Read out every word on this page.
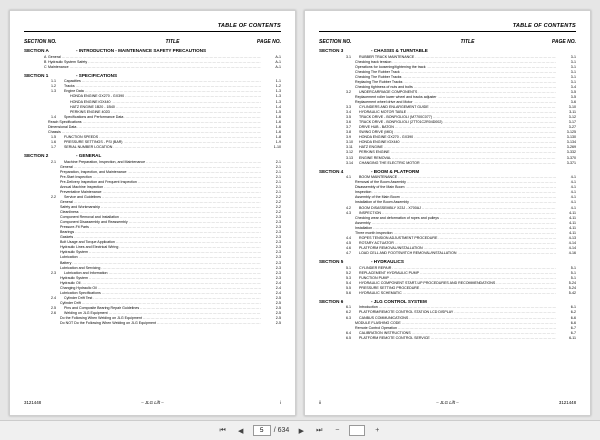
TABLE OF CONTENTS
SECTION NO.	TITLE	PAGE NO.
SECTION A	- INTRODUCTION - MAINTENANCE SAFETY PRECAUTIONS
A General .....	A-1
B Hydraulic System Safety .....	A-1
C Maintenance .....	A-1
SECTION 1	- SPECIFICATIONS
1.1	Capacities .....	1-1
1.2	Tracks .....	1-2
1.3	Engine Data .....	1-3
HONDA ENGINE GX270 - GX390 .....	1-3
HONDA ENGINE iGX440 .....	1-3
HATZ ENGINE 1B20 - 1B40 .....	1-4
PERKINS ENGINE 402D .....	1-5
1.4	Specifications and Performance Data .....	1-6
Reach Specifications .....	1-6
Dimensional Data .....	1-6
Chassis .....	1-6
1.5	FUNCTION SPEEDS .....	1-8
1.6	PRESSURE SETTINGS - PSI (BAR) .....	1-9
1.7	SERIAL NUMBER LOCATION .....	1-10
SECTION 2	- GENERAL
2.1	Machine Preparation, Inspection, and Maintenance .....	2-1
General .....	2-1
Preparation, Inspection, and Maintenance .....	2-1
Pre-Start Inspection .....	2-1
Pre-Delivery Inspection and Frequent Inspection .....	2-1
Annual Machine Inspection .....	2-1
Preventative Maintenance .....	2-1
2.2	Service and Guidelines .....	2-2
General .....	2-2
Safety and Workmanship .....	2-2
Cleanliness .....	2-2
Component Removal and Installation .....	2-3
Component Disassembly and Reassembly .....	2-3
Pressure-Fit Parts .....	2-3
Bearings .....	2-3
Gaskets .....	2-3
Bolt Usage and Torque Application .....	2-3
Hydraulic Lines and Electrical Wiring .....	2-3
Hydraulic System .....	2-3
Lubrication .....	2-3
Battery .....	2-3
Lubrication and Servicing .....	2-3
2.3	Lubrication and Information .....	2-3
Hydraulic System .....	2-3
Hydraulic Oil .....	2-4
Changing Hydraulic Oil .....	2-4
Lubrication Specifications .....	2-4
2.4	Cylinder Drift Test .....	2-5
Cylinder Drift .....	2-5
2.5	Pins and Composite Bearing Repair Guidelines .....	2-5
2.6	Welding on JLG Equipment .....	2-5
Do the Following When Welding on JLG Equipment .....	2-5
Do NOT Do the Following When Welding on JLG Equipment .....	2-5
3121448	– JLG Lift –	i
TABLE OF CONTENTS
SECTION NO.	TITLE	PAGE NO.
SECTION 3	- CHASSIS & TURNTABLE
3.1	RUBBER TRACK MAINTENANCE .....	3-1
Checking track tension .....	3-1
Operations for loosening/tightening the track .....	3-1
Checking The Rubber Track .....	3-1
Checking The Rubber Tracks .....	3-1
Replacing The Rubber Tracks .....	3-1
Checking tightness of nuts and bolts .....	3-4
3.2	UNDERCARRIAGE COMPONENTS .....	3-5
Replacement roller lower wheel and tracks adjuster .....	3-5
Replacement wheel drive and Motor .....	3-6
3.3	CYLINDERS AND ENLARGEMENT GUIDE .....	3-10
3.4	HYDRAULIC MOTOR TABLE .....	3-11
3.5	TRACK DRIVE - BONFIGLIOLI (M7700C077) .....	3-12
3.6	TRACK DRIVE - BONFIGLIOLI (2TT01C2R04D002) .....	3-17
3.7	DRIVE HUB - BATON .....	3-27
3.8	SWING DRIVE (MID) .....	3-125
3.9	HONDA ENGINE GX270 - GX390 .....	3-130
3.10	HONDA ENGINE iGX440 .....	3-134
3.11	HATZ ENGINE .....	3-269
3.12	PERKINS ENGINE .....	3-332
3.13	ENGINE REMOVAL .....	3-370
3.14	CHANGING THE ELECTRIC MOTOR .....	3-371
SECTION 4	- BOOM & PLATFORM
4.1	BOOM MAINTENANCE .....	4-1
Removal of the Boom Assembly .....	4-1
Disassembly of the Main Boom .....	4-1
Inspection .....	4-1
Assembly of the Main Boom .....	4-1
Installation of the Boom Assembly .....	4-1
4.2	BOOM DISASSEMBLY X23J - X700AJ .....	4-1
4.3	INSPECTION .....	4-11
Checking wear and deformation of ropes and pulleys .....	4-11
Assembly .....	4-11
Installation .....	4-11
Three month inspection .....	4-11
4.4	ROPES TENSION ADJUSTMENT PROCEDURE .....	4-13
4.5	ROTARY ACTUATOR .....	4-14
4.6	PLATFORM REMOVAL/INSTALLATION .....	4-14
4.7	LOAD CELL AND FOOTSWITCH REMOVAL/INSTALLATION .....	4-16
SECTION 5	- HYDRAULICS
5.1	CYLINDER REPAIR .....	5-1
5.2	REPLACEMENT HYDRAULIC PUMP .....	5-1
5.3	FUNCTION PUMP .....	5-1
5.4	HYDRAULIC COMPONENT START-UP PROCEDURES AND RECOMMENDATIONS .....	5-24
5.5	PRESSURE SETTING PROCEDURE .....	5-24
5.6	HYDRAULIC SCHEMATIC .....	5-42
SECTION 6	- JLG CONTROL SYSTEM
6.1	Introduction .....	6-1
6.2	PLATFORM/REMOTE CONTROL STATION LCD DISPLAY .....	6-2
6.3	CANBUS COMMUNICATIONS .....	6-6
MODULE FLASHING CODE .....	6-6
Remote Control Operation .....	6-7
6.4	CALIBRATION INSTRUCTIONS .....	6-7
6.5	PLATFORM REMOTE CONTROL SERVICE .....	6-11
ii	– JLG Lift –	3121448
⏮	◀
5	/ 634	▶	⏭	−	+
